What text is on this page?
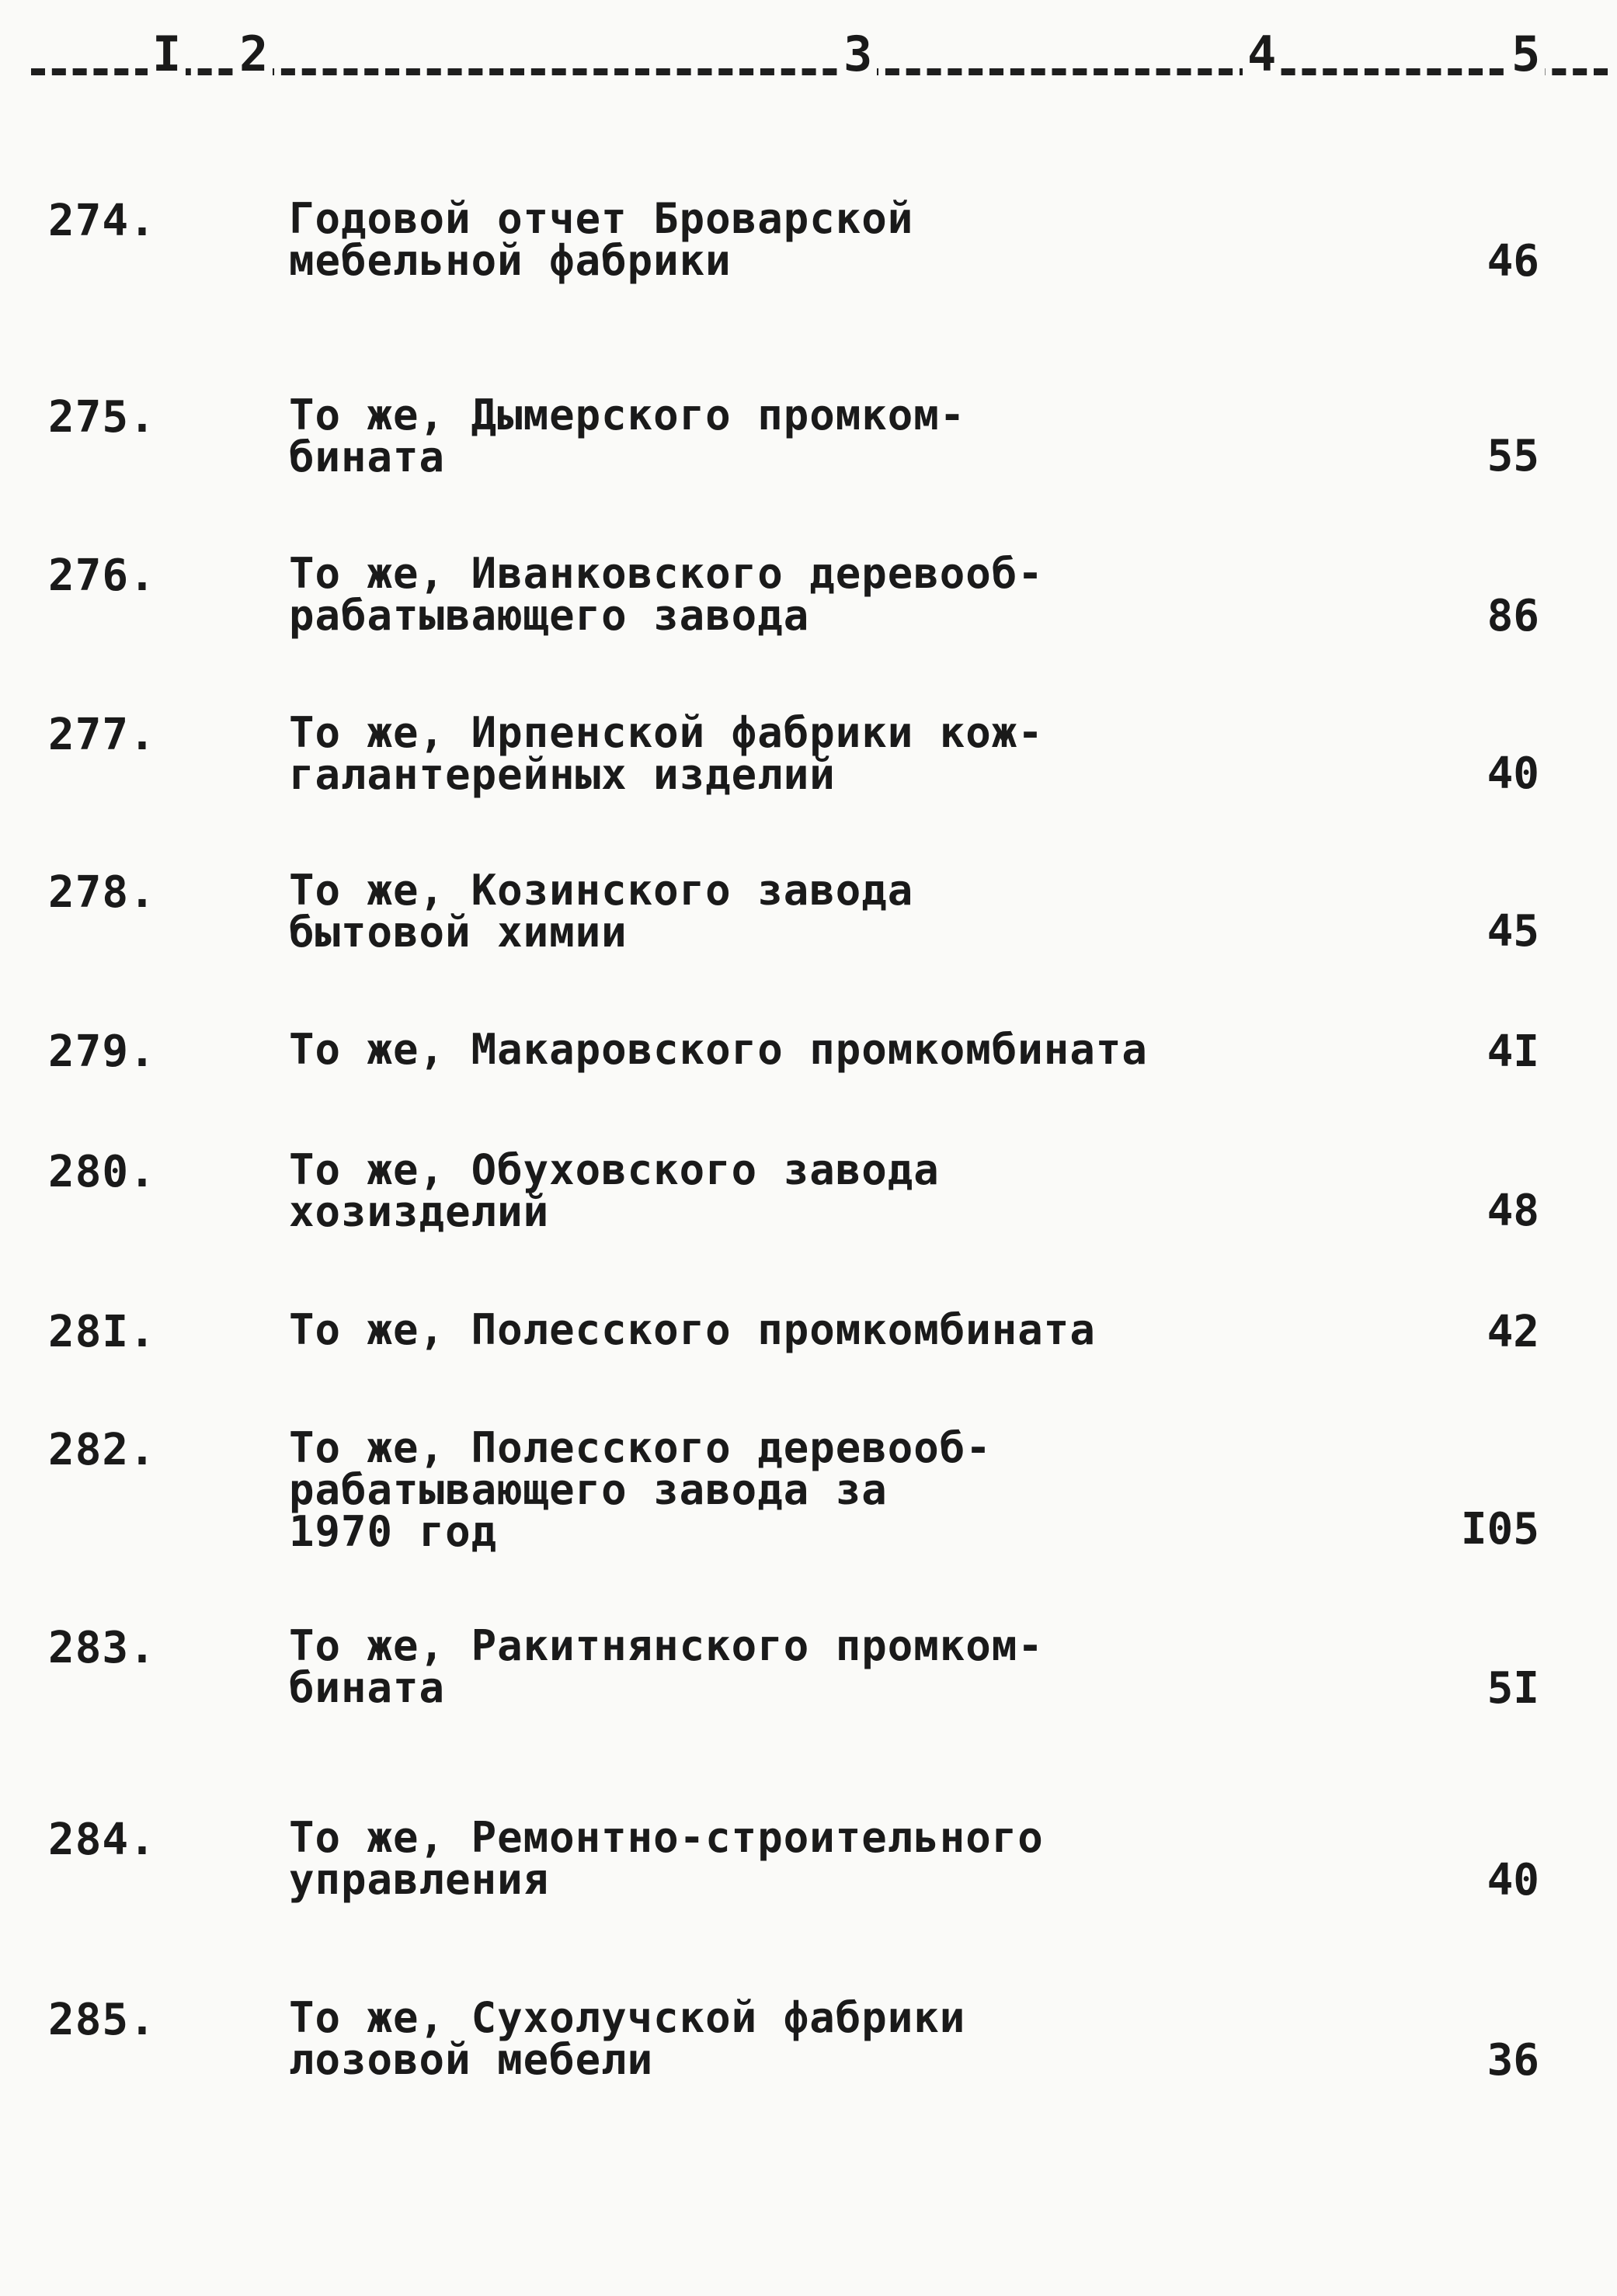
I 2	3	4	5
274.	Годовой отчет Броварской
мебельной фабрики	46
275.	То же, Дымерского промком-
бината	55
276.	То же, Иванковского деревооб-
рабатывающего завода	86
277.	То же, Ирпенской фабрики кож-
галантерейных изделий	40
278.	То же, Козинского завода
бытовой химии	45
279.	То же, Макаровского промкомбината	4I
280.	То же, Обуховского завода
хозизделий	48
28I.	То же, Полесского промкомбината	42
282.	То же, Полесского деревооб-
рабатывающего завода за
1970 год	I05
283.	То же, Ракитнянского промком-
бината	5I
284.	То же, Ремонтно-строительного
управления	40
285.	То же, Сухолучской фабрики
лозовой мебели	36
